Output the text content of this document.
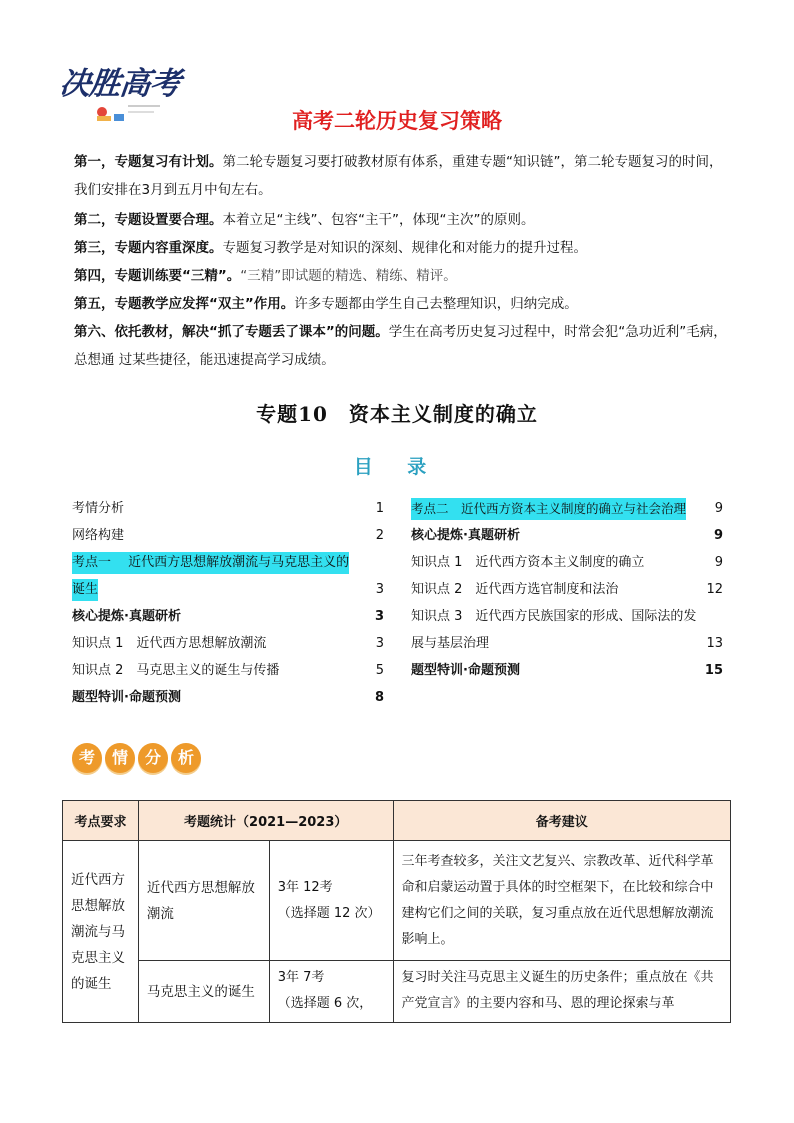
决胜高考
高考二轮历史复习策略
第一，专题复习有计划。第二轮专题复习要打破教材原有体系，重建专题“知识链”，第二轮专题复习的时间，我们安排在3月到五月中旬左右。
第二，专题设置要合理。本着立足“主线”、包容“主干”，体现“主次”的原则。
第三，专题内容重深度。专题复习教学是对知识的深刻、规律化和对能力的提升过程。
第四，专题训练要“三精”。“三精”即试题的精选、精练、精评。
第五，专题教学应发挥“双主”作用。许多专题都由学生自己去整理知识，归纳完成。
第六、依托教材，解决“抓了专题丢了课本”的问题。学生在高考历史复习过程中，时常会犯“急功近利”毛病，总想通 过某些捷径，能迅速提高学习成绩。
专题10　资本主义制度的确立
目 录
考情分析	1
网络构建	2
考点一　 近代西方思想解放潮流与马克思主义的
诞生	3
核心提炼·真题研析	3
知识点 1　近代西方思想解放潮流	3
知识点 2　马克思主义的诞生与传播	5
题型特训·命题预测	8
考点二　近代西方资本主义制度的确立与社会治理 9
核心提炼·真题研析	9
知识点 1　近代西方资本主义制度的确立	9
知识点 2　近代西方选官制度和法治	12
知识点 3　近代西方民族国家的形成、国际法的发
展与基层治理	13
题型特训·命题预测	15
考	情	分	析
考点要求	考题统计（2021—2023）		备考建议
近代西方思想解放潮流与马克思主义的诞生	近代西方思想解放潮流	3年 12考
（选择题 12 次）	三年考查较多，关注文艺复兴、宗教改革、近代科学革命和启蒙运动置于具体的时空框架下，在比较和综合中建构它们之间的关联，复习重点放在近代思想解放潮流影响上。
	马克思主义的诞生	3年 7考
（选择题 6 次，	复习时关注马克思主义诞生的历史条件；重点放在《共产党宣言》的主要内容和马、恩的理论探索与革
